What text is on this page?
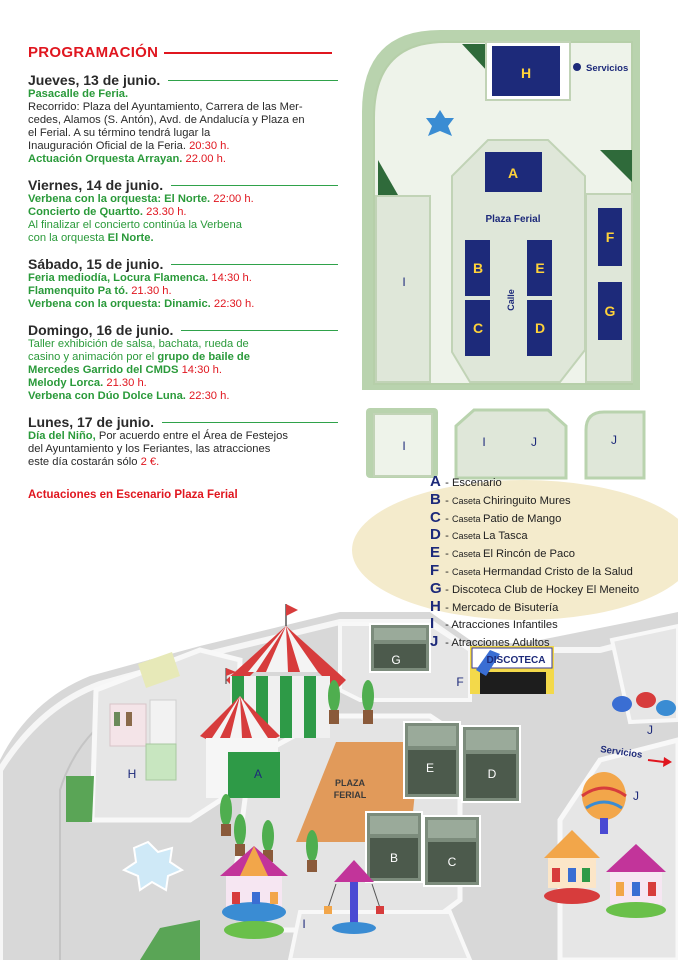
H
A
B
C	D
E
F
G
Plaza Ferial
Calle
Servicios
I
I	I	J	J
PLAZA
FERIAL
H	A
G	DISCOTECA
F
E	D
B	C
I
J
Servicios
J
PROGRAMACIÓN
Jueves, 13 de junio.
Pasacalle de Feria.
Recorrido: Plaza del Ayuntamiento, Carrera de las Mer-
cedes, Alamos (S. Antón), Avd. de Andalucía y Plaza en
el Ferial. A su término tendrá lugar la
Inauguración Oficial de la Feria. 20:30 h.
Actuación Orquesta Arrayan. 22.00 h.
Viernes, 14 de junio.
Verbena con la orquesta: El Norte. 22:00 h.
Concierto de Quartto. 23.30 h.
Al finalizar el concierto continúa la Verbena
con la orquesta El Norte.
Sábado, 15 de junio.
Feria mediodía, Locura Flamenca. 14:30 h.
Flamenquito Pa tó. 21.30 h.
Verbena con la orquesta: Dinamic. 22:30 h.
Domingo, 16 de junio.
Taller exhibición de salsa, bachata, rueda de
casino y animación por el grupo de baile de
Mercedes Garrido del CMDS 14:30 h.
Melody Lorca. 21.30 h.
Verbena con Dúo Dolce Luna. 22:30 h.
Lunes, 17 de junio.
Día del Niño, Por acuerdo entre el Área de Festejos
del Ayuntamiento y los Feriantes, las atracciones
este día costarán sólo 2 €.
Actuaciones en Escenario Plaza Ferial
A - Escenario
B - Caseta Chiringuito Mures
C - Caseta Patio de Mango
D - Caseta La Tasca
E - Caseta El Rincón de Paco
F - Caseta Hermandad Cristo de la Salud
G - Discoteca Club de Hockey El Meneito
H - Mercado de Bisutería
I - Atracciones Infantiles
J - Atracciones Adultos
